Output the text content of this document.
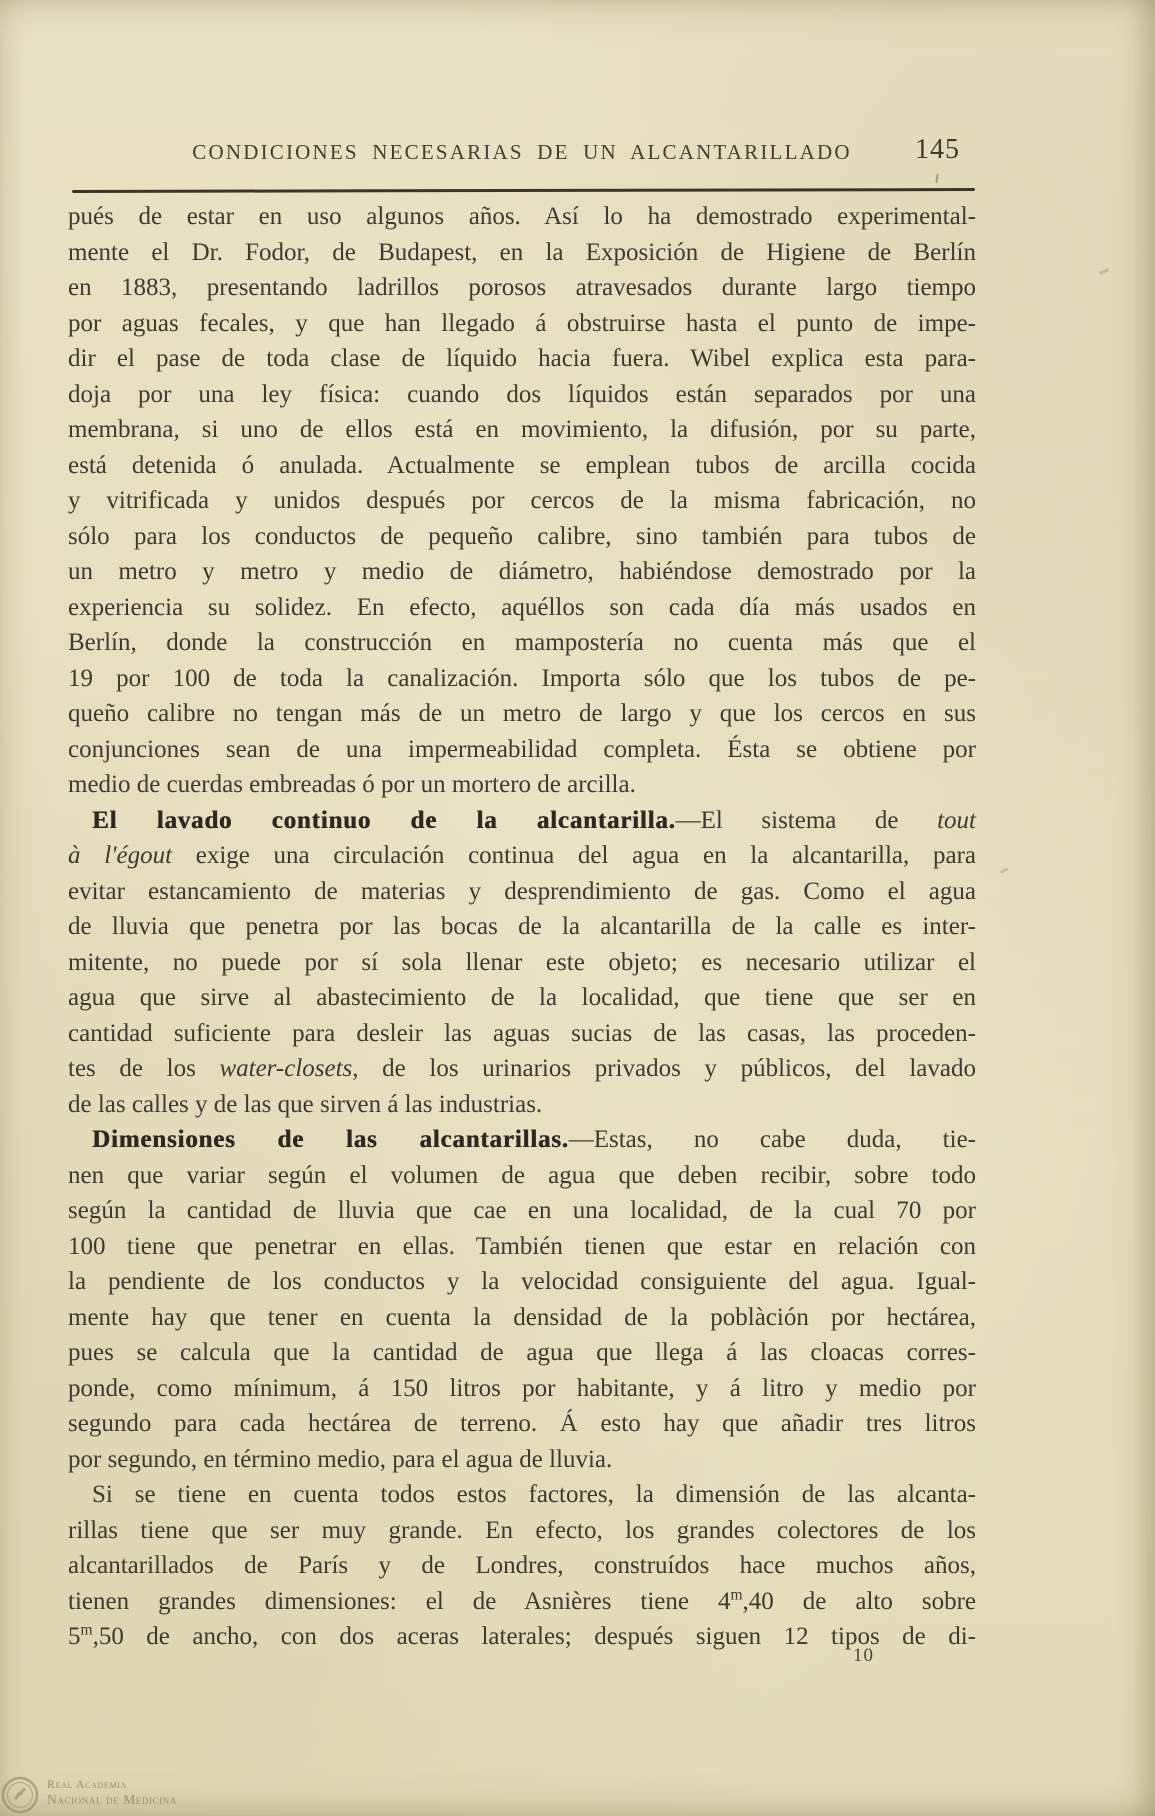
CONDICIONES NECESARIAS DE UN ALCANTARILLADO	145
pués de estar en uso algunos años. Así lo ha demostrado experimental-
mente el Dr. Fodor, de Budapest, en la Exposición de Higiene de Berlín
en 1883, presentando ladrillos porosos atravesados durante largo tiempo
por aguas fecales, y que han llegado á obstruirse hasta el punto de impe-
dir el pase de toda clase de líquido hacia fuera. Wibel explica esta para-
doja por una ley física: cuando dos líquidos están separados por una
membrana, si uno de ellos está en movimiento, la difusión, por su parte,
está detenida ó anulada. Actualmente se emplean tubos de arcilla cocida
y vitrificada y unidos después por cercos de la misma fabricación, no
sólo para los conductos de pequeño calibre, sino también para tubos de
un metro y metro y medio de diámetro, habiéndose demostrado por la
experiencia su solidez. En efecto, aquéllos son cada día más usados en
Berlín, donde la construcción en mampostería no cuenta más que el
19 por 100 de toda la canalización. Importa sólo que los tubos de pe-
queño calibre no tengan más de un metro de largo y que los cercos en sus
conjunciones sean de una impermeabilidad completa. Ésta se obtiene por
medio de cuerdas embreadas ó por un mortero de arcilla.
El lavado continuo de la alcantarilla.—El sistema de tout
à l'égout exige una circulación continua del agua en la alcantarilla, para
evitar estancamiento de materias y desprendimiento de gas. Como el agua
de lluvia que penetra por las bocas de la alcantarilla de la calle es inter-
mitente, no puede por sí sola llenar este objeto; es necesario utilizar el
agua que sirve al abastecimiento de la localidad, que tiene que ser en
cantidad suficiente para desleir las aguas sucias de las casas, las proceden-
tes de los water-closets, de los urinarios privados y públicos, del lavado
de las calles y de las que sirven á las industrias.
Dimensiones de las alcantarillas.—Estas, no cabe duda, tie-
nen que variar según el volumen de agua que deben recibir, sobre todo
según la cantidad de lluvia que cae en una localidad, de la cual 70 por
100 tiene que penetrar en ellas. También tienen que estar en relación con
la pendiente de los conductos y la velocidad consiguiente del agua. Igual-
mente hay que tener en cuenta la densidad de la poblàción por hectárea,
pues se calcula que la cantidad de agua que llega á las cloacas corres-
ponde, como mínimum, á 150 litros por habitante, y á litro y medio por
segundo para cada hectárea de terreno. Á esto hay que añadir tres litros
por segundo, en término medio, para el agua de lluvia.
Si se tiene en cuenta todos estos factores, la dimensión de las alcanta-
rillas tiene que ser muy grande. En efecto, los grandes colectores de los
alcantarillados de París y de Londres, construídos hace muchos años,
tienen grandes dimensiones: el de Asnières tiene 4$^m$,40 de alto sobre
5$^m$,50 de ancho, con dos aceras laterales; después siguen 12 tipos de di-
10
Real Academia
Nacional de Medicina
